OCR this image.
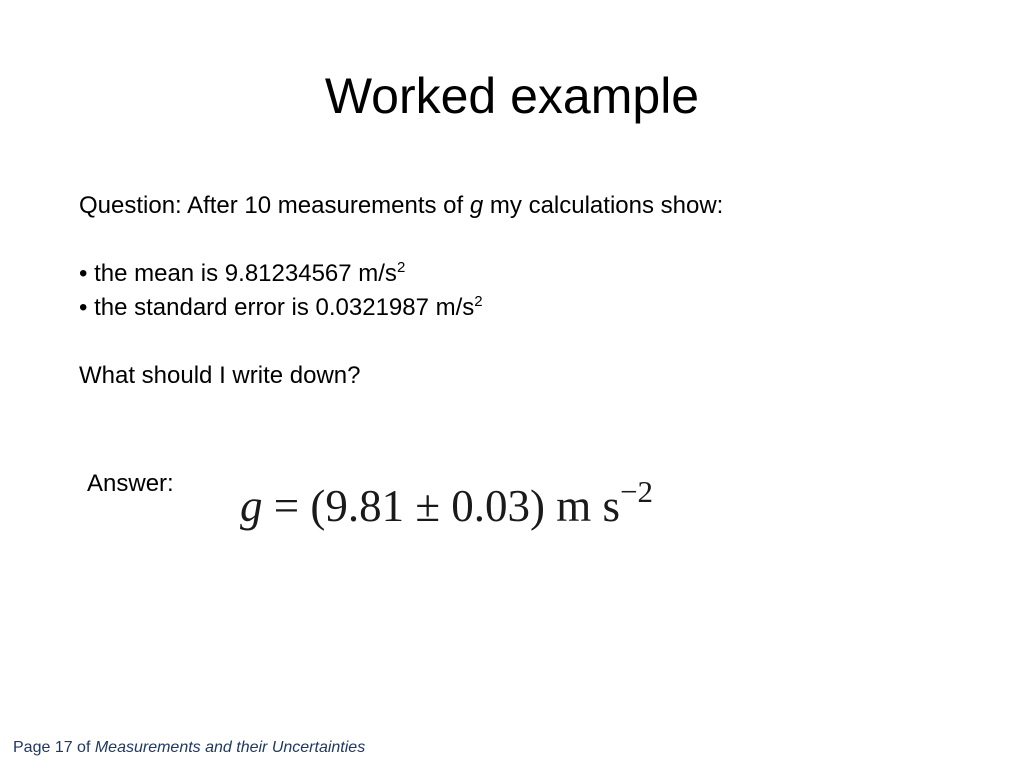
Worked example
Question: After 10 measurements of g my calculations show:
• the mean is 9.81234567 $m/s^2$
• the standard error is 0.0321987 $m/s^2$
What should I write down?
Answer: g = (9.81 ± 0.03) m $s^{-2}$
Page 17 of Measurements and their Uncertainties
